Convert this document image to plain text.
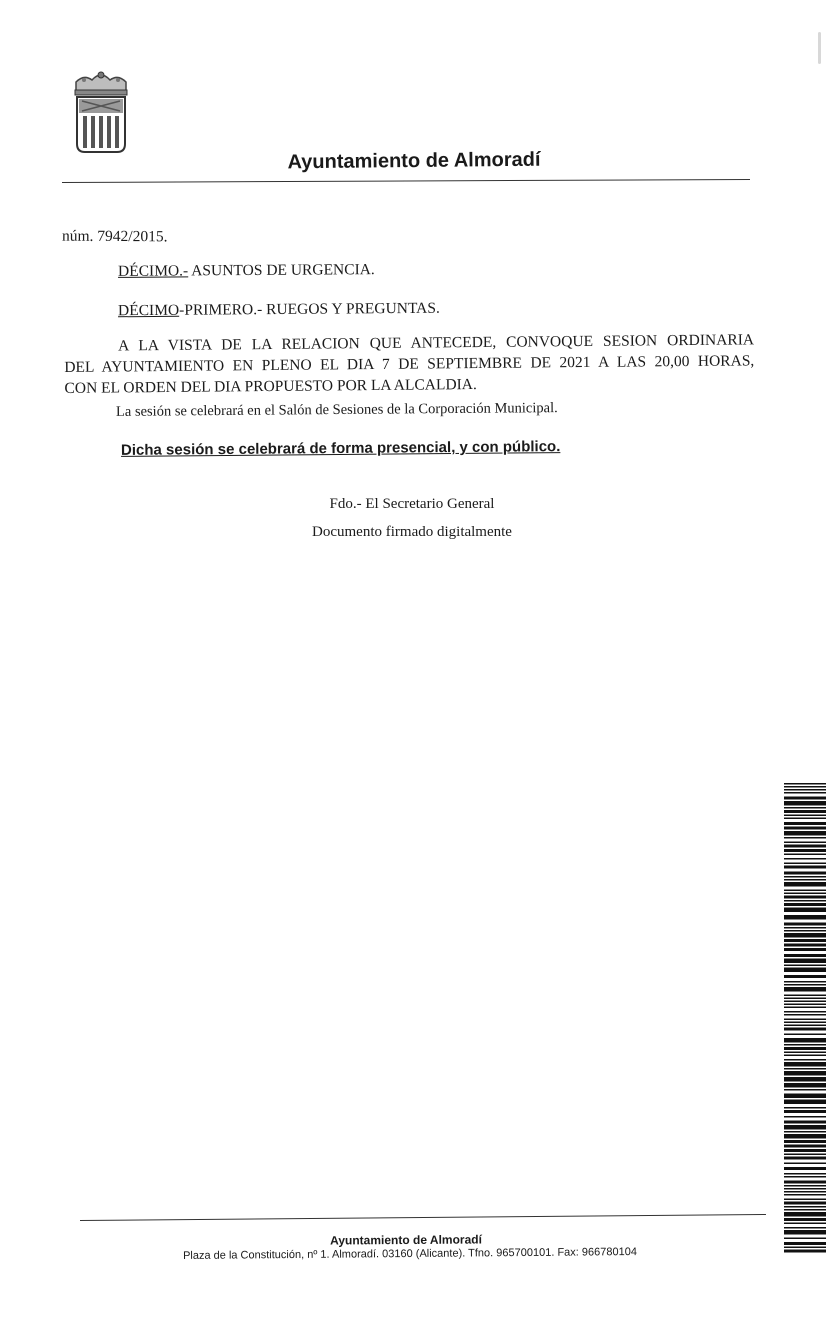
Ayuntamiento de Almoradí
núm. 7942/2015.
DÉCIMO.- ASUNTOS DE URGENCIA.
DÉCIMO-PRIMERO.- RUEGOS Y PREGUNTAS.
A LA VISTA DE LA RELACION QUE ANTECEDE, CONVOQUE SESION ORDINARIA
DEL AYUNTAMIENTO EN PLENO EL DIA 7 DE SEPTIEMBRE DE 2021 A LAS 20,00 HORAS,
CON EL ORDEN DEL DIA PROPUESTO POR LA ALCALDIA.
La sesión se celebrará en el Salón de Sesiones de la Corporación Municipal.
Dicha sesión se celebrará de forma presencial, y con público.
Fdo.- El Secretario General
Documento firmado digitalmente
Ayuntamiento de Almoradí
Plaza de la Constitución, nº 1. Almoradí. 03160 (Alicante). Tfno. 965700101. Fax: 966780104
